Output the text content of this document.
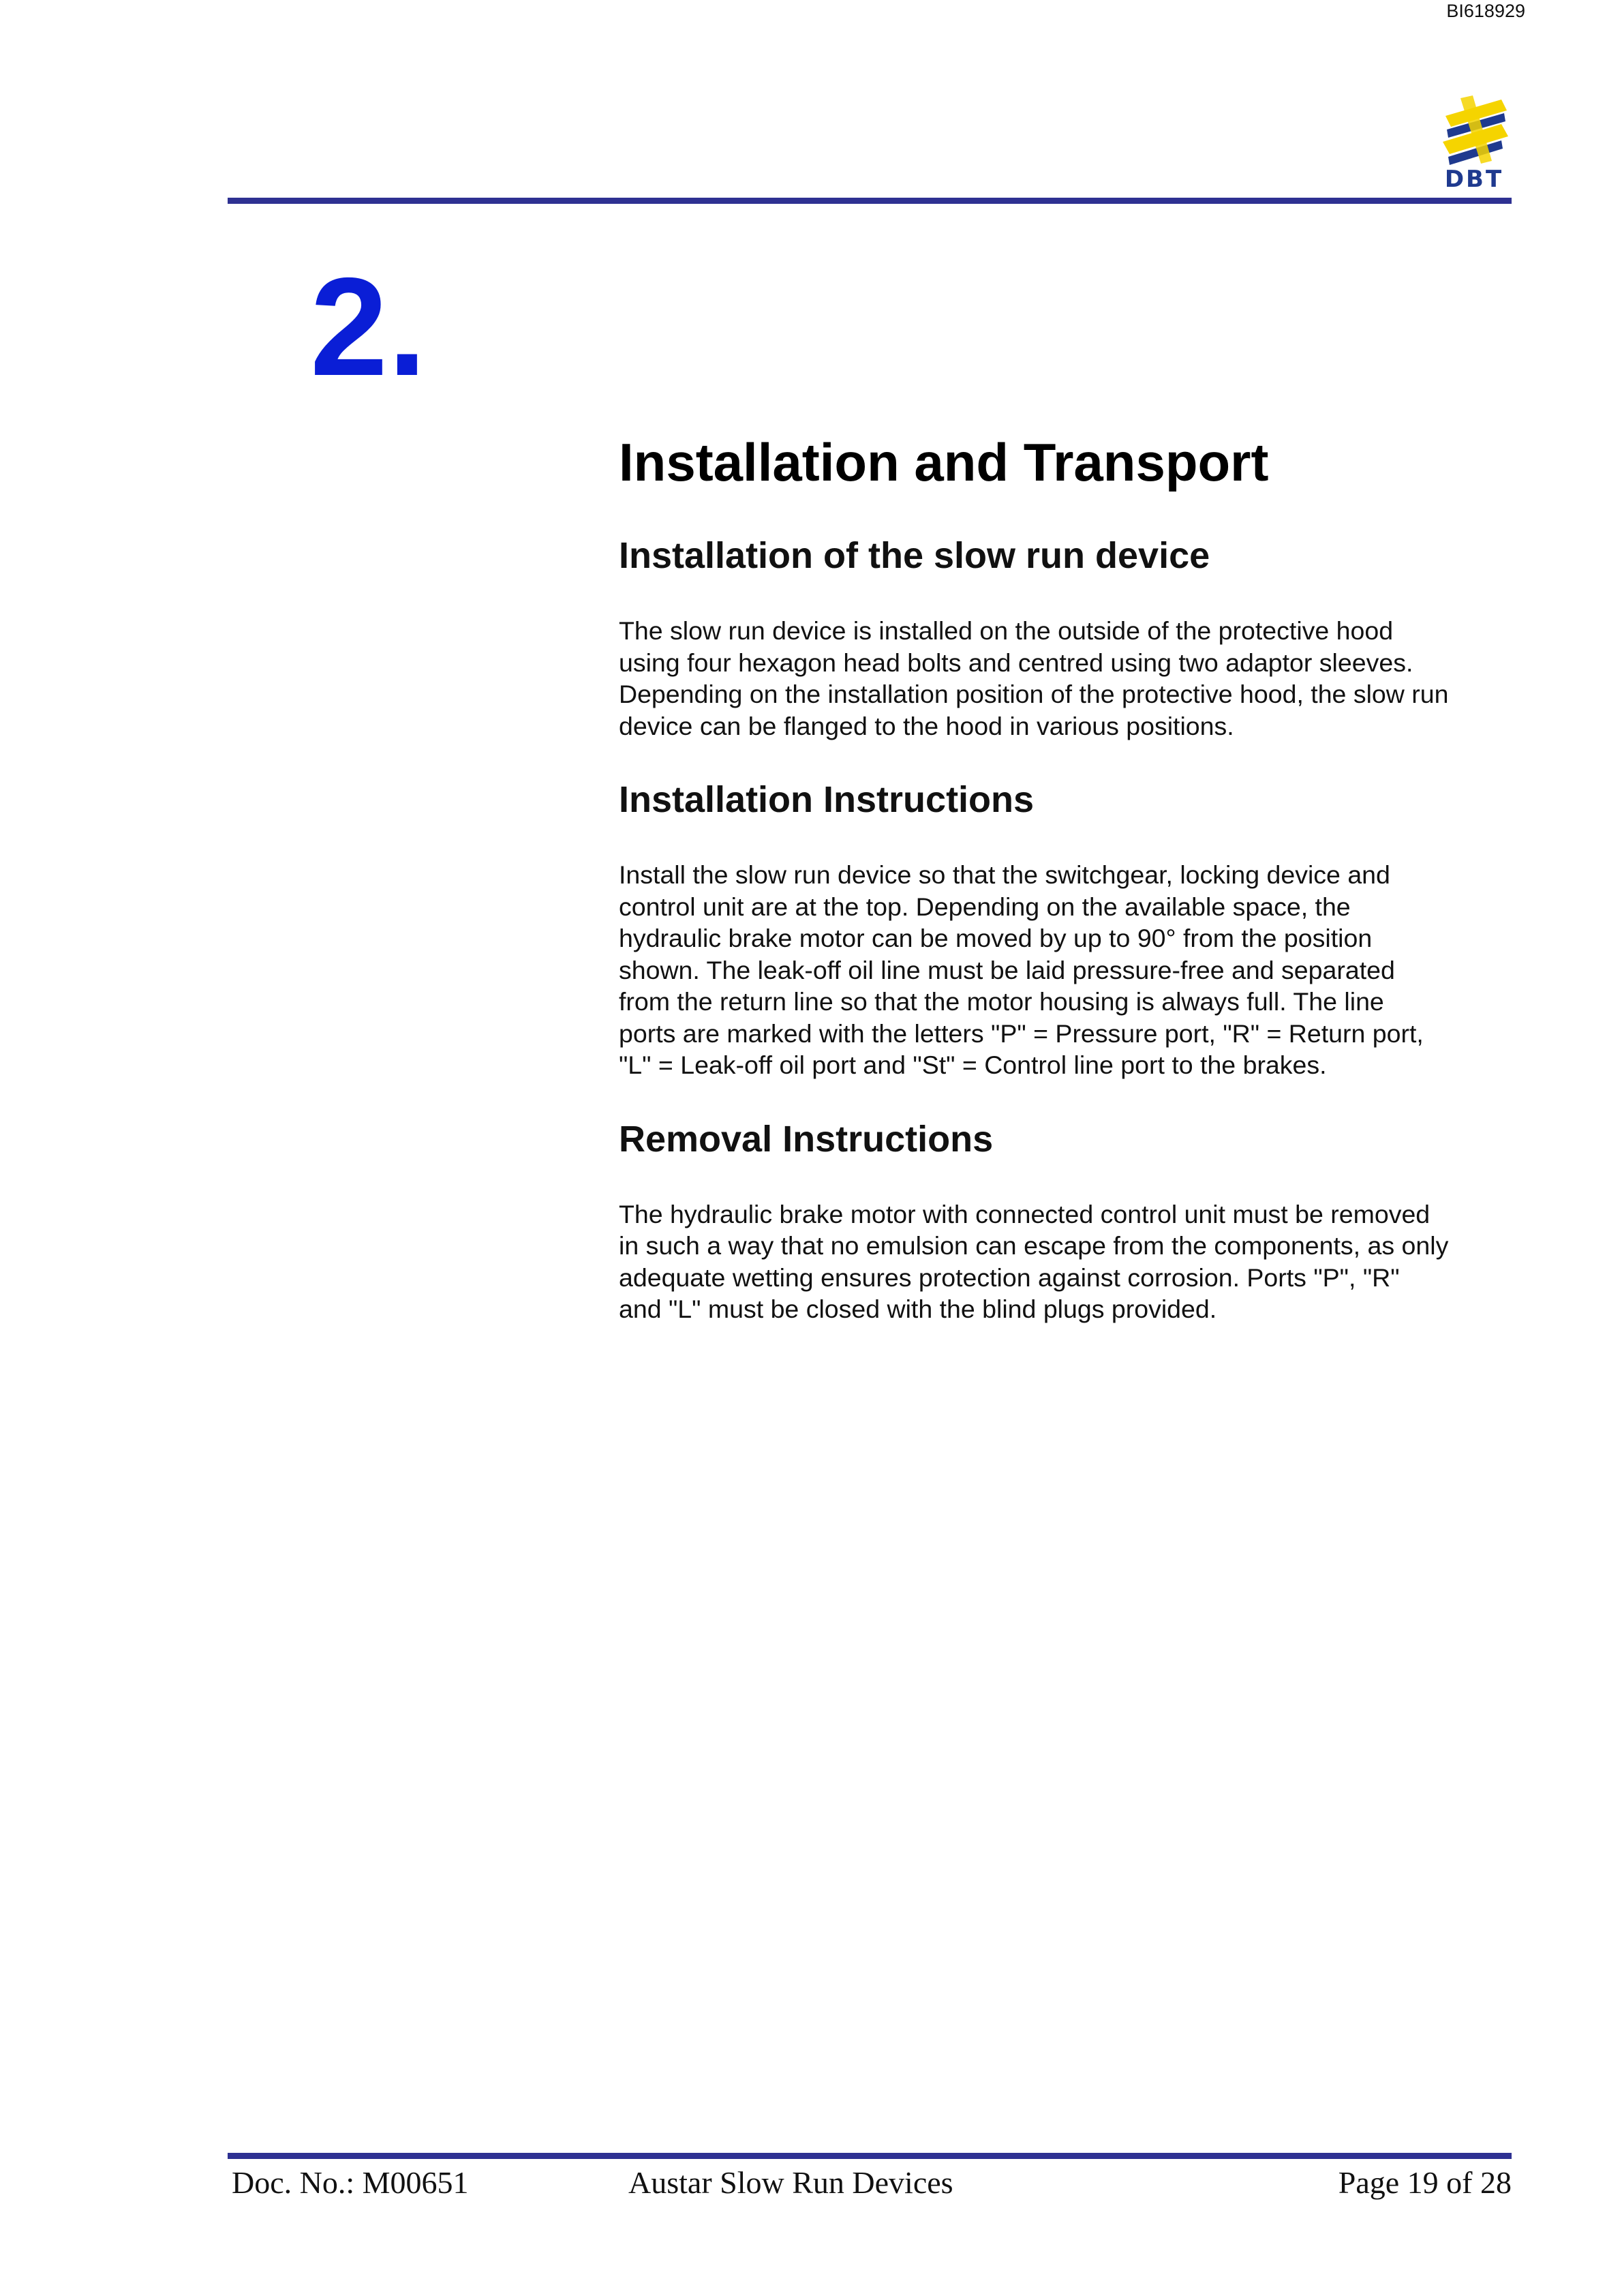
BI618929
DBT
2.
Installation and Transport
Installation of the slow run device

The slow run device is installed on the outside of the protective hood
using four hexagon head bolts and centred using two adaptor sleeves.
Depending on the installation position of the protective hood, the slow run
device can be flanged to the hood in various positions.

Installation Instructions

Install the slow run device so that the switchgear, locking device and
control unit are at the top. Depending on the available space, the
hydraulic brake motor can be moved by up to 90° from the position
shown. The leak-off oil line must be laid pressure-free and separated
from the return line so that the motor housing is always full. The line
ports are marked with the letters "P" = Pressure port, "R" = Return port,
"L" = Leak-off oil port and "St" = Control line port to the brakes.

Removal Instructions

The hydraulic brake motor with connected control unit must be removed
in such a way that no emulsion can escape from the components, as only
adequate wetting ensures protection against corrosion. Ports "P", "R"
and "L" must be closed with the blind plugs provided.

Doc. No.: M00651	Austar Slow Run Devices	Page 19 of 28
